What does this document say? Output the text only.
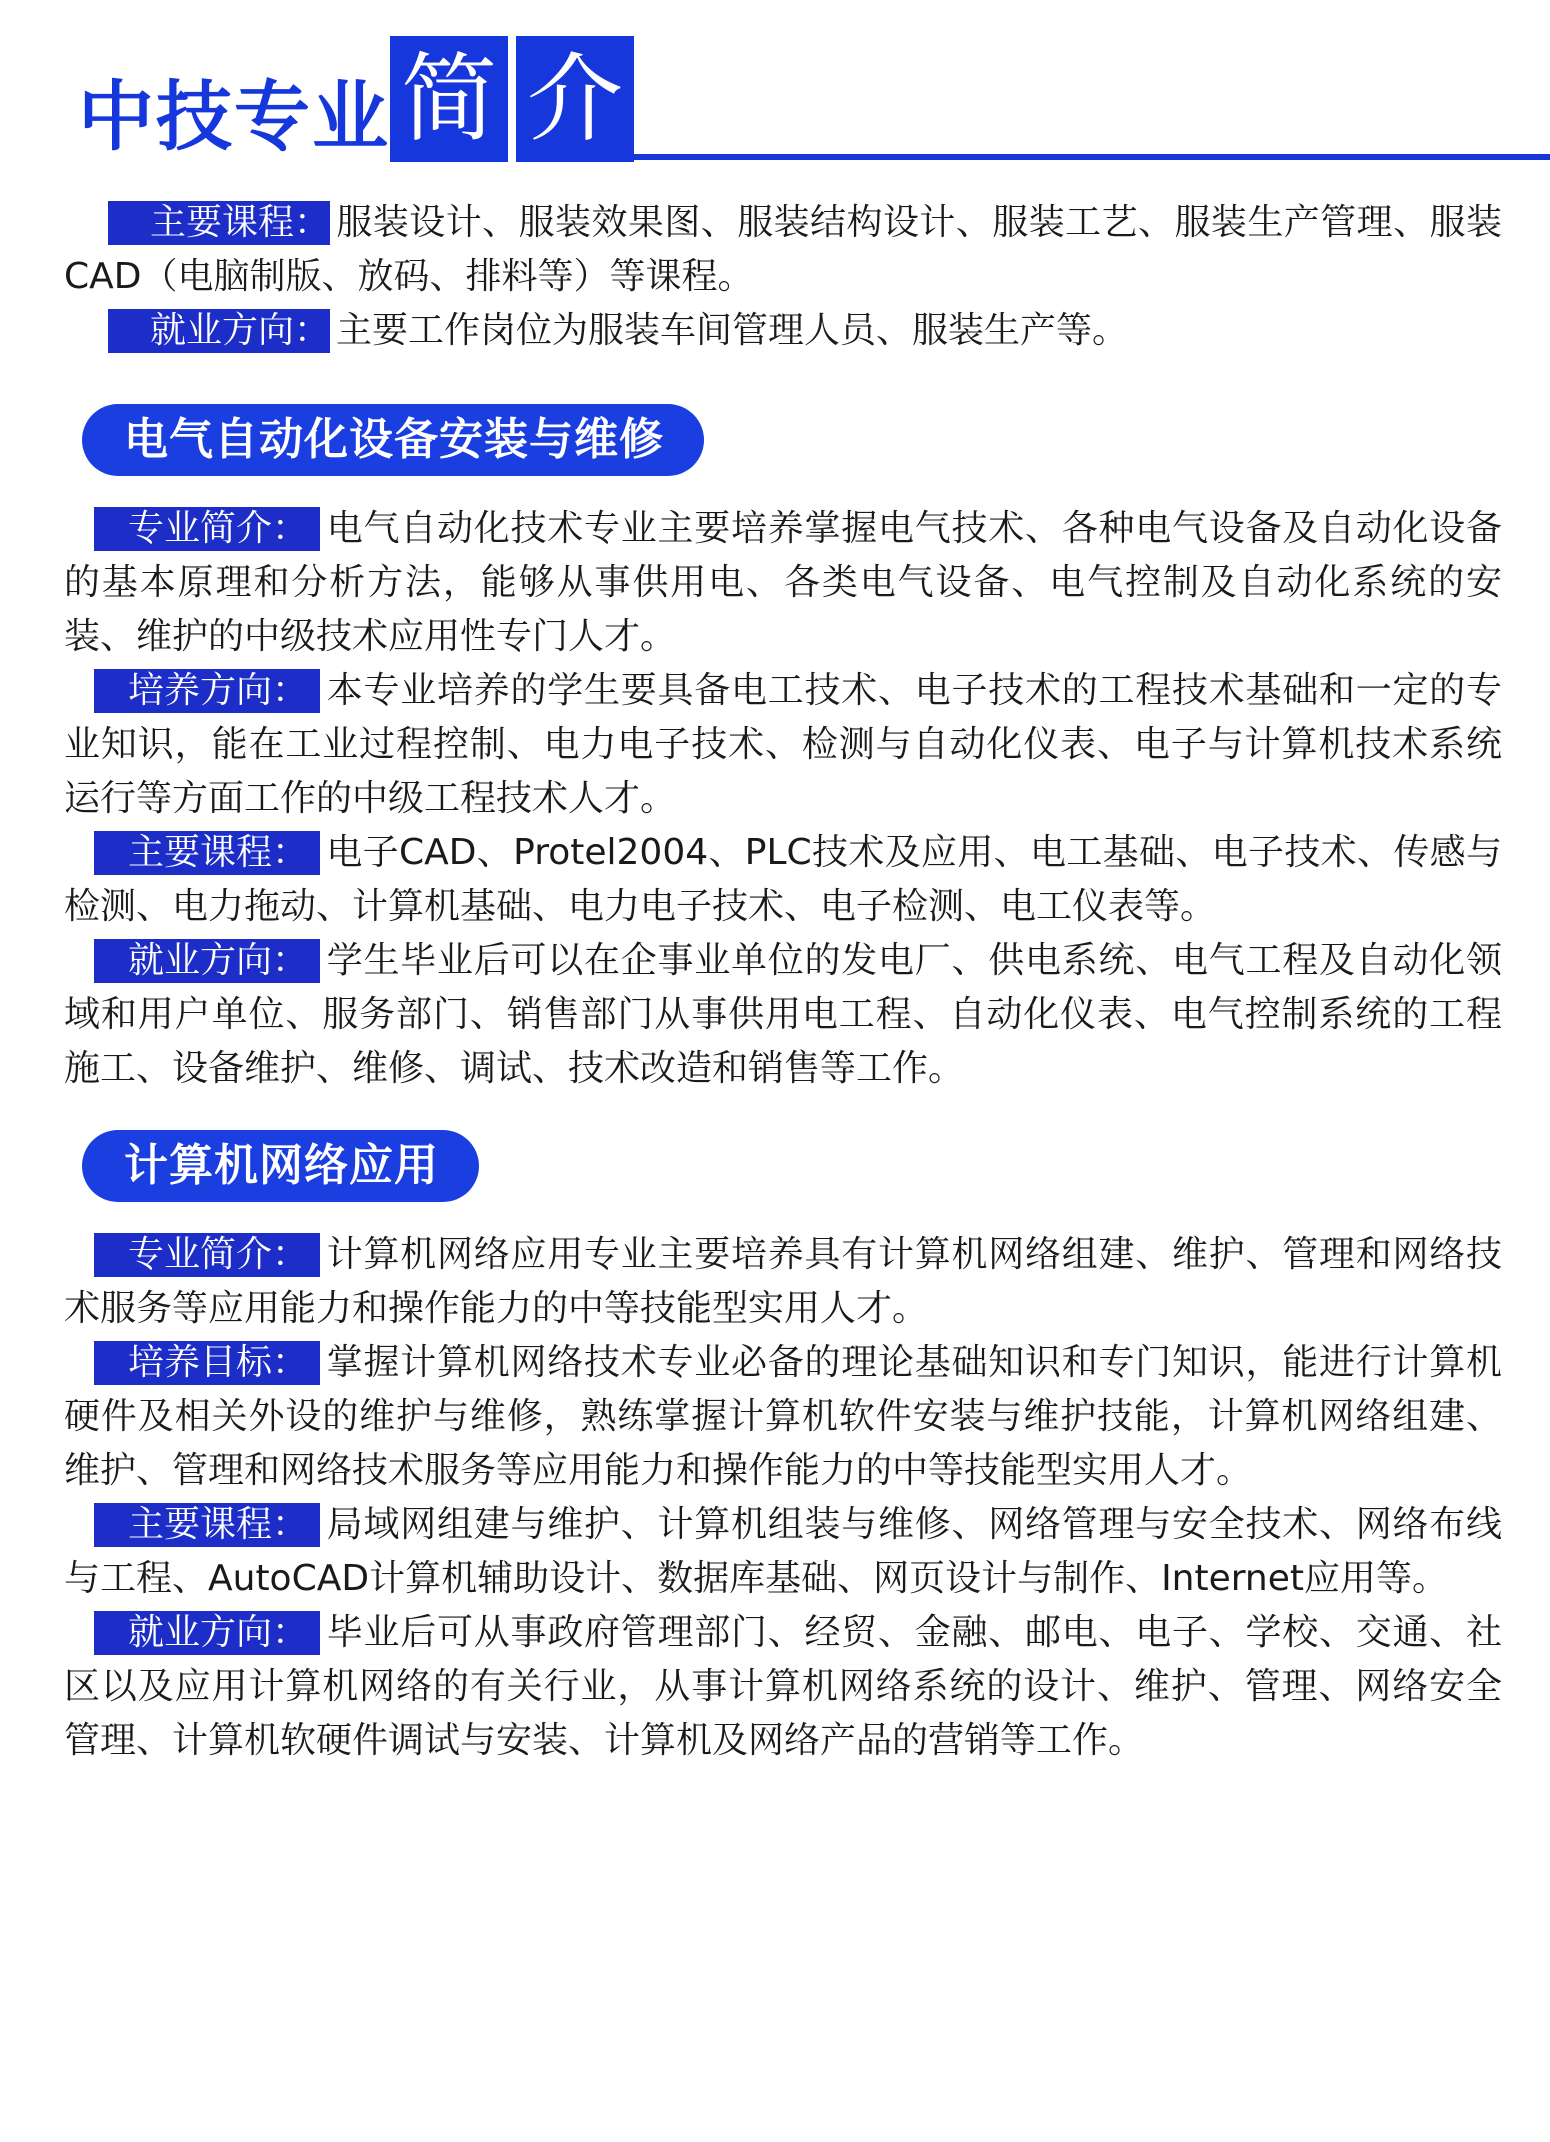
中技专业 简 介

主要课程： 服装设计、服装效果图、服装结构设计、服装工艺、服装生产管理、服装CAD（电脑制版、放码、排料等）等课程。

就业方向： 主要工作岗位为服装车间管理人员、服装生产等。

电气自动化设备安装与维修

专业简介： 电气自动化技术专业主要培养掌握电气技术、各种电气设备及自动化设备的基本原理和分析方法，能够从事供用电、各类电气设备、电气控制及自动化系统的安装、维护的中级技术应用性专门人才。

培养方向： 本专业培养的学生要具备电工技术、电子技术的工程技术基础和一定的专业知识，能在工业过程控制、电力电子技术、检测与自动化仪表、电子与计算机技术系统运行等方面工作的中级工程技术人才。

主要课程： 电子CAD、Protel2004、PLC技术及应用、电工基础、电子技术、传感与检测、电力拖动、计算机基础、电力电子技术、电子检测、电工仪表等。

就业方向： 学生毕业后可以在企事业单位的发电厂、供电系统、电气工程及自动化领域和用户单位、服务部门、销售部门从事供用电工程、自动化仪表、电气控制系统的工程施工、设备维护、维修、调试、技术改造和销售等工作。

计算机网络应用

专业简介： 计算机网络应用专业主要培养具有计算机网络组建、维护、管理和网络技术服务等应用能力和操作能力的中等技能型实用人才。

培养目标： 掌握计算机网络技术专业必备的理论基础知识和专门知识，能进行计算机硬件及相关外设的维护与维修，熟练掌握计算机软件安装与维护技能，计算机网络组建、维护、管理和网络技术服务等应用能力和操作能力的中等技能型实用人才。

主要课程： 局域网组建与维护、计算机组装与维修、网络管理与安全技术、网络布线与工程、AutoCAD计算机辅助设计、数据库基础、网页设计与制作、Internet应用等。

就业方向： 毕业后可从事政府管理部门、经贸、金融、邮电、电子、学校、交通、社区以及应用计算机网络的有关行业，从事计算机网络系统的设计、维护、管理、网络安全管理、计算机软硬件调试与安装、计算机及网络产品的营销等工作。
